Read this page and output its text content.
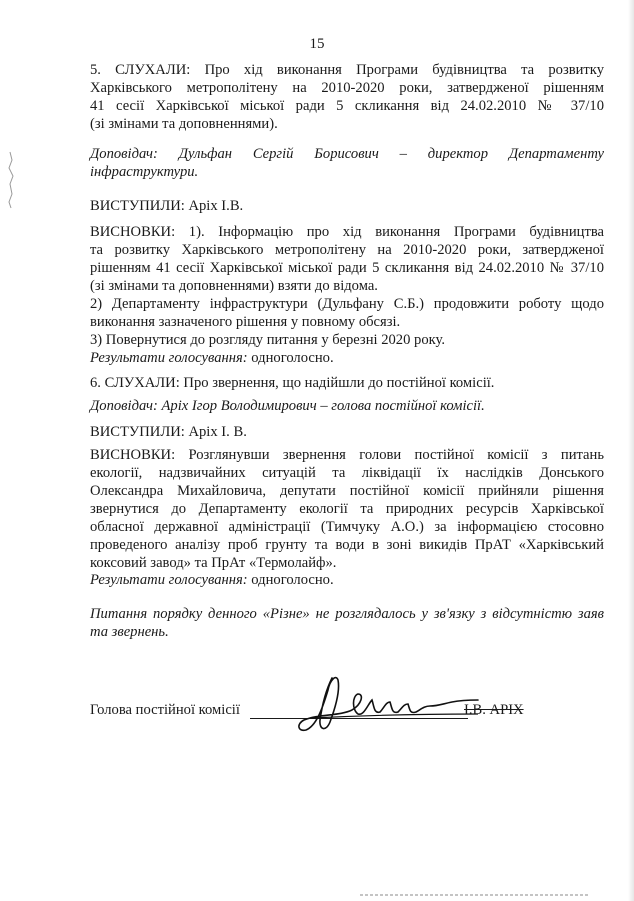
15
5. СЛУХАЛИ: Про хід виконання Програми будівництва та розвитку
Харківського метрополітену на 2010-2020 роки, затвердженої рішенням
41 сесії Харківської міської ради 5 скликання від 24.02.2010 № 37/10
(зі змінами та доповненнями).
Доповідач: Дульфан Сергій Борисович – директор Департаменту
інфраструктури.
ВИСТУПИЛИ: Аріх І.В.
ВИСНОВКИ: 1). Інформацію про хід виконання Програми будівництва
та розвитку Харківського метрополітену на 2010-2020 роки, затвердженої
рішенням 41 сесії Харківської міської ради 5 скликання від 24.02.2010 № 37/10
(зі змінами та доповненнями) взяти до відома.
2) Департаменту інфраструктури (Дульфану С.Б.) продовжити роботу щодо
виконання зазначеного рішення у повному обсязі.
3) Повернутися до розгляду питання у березні 2020 року.
Результати голосування: одноголосно.
6. СЛУХАЛИ: Про звернення, що надійшли до постійної комісії.
Доповідач: Аріх Ігор Володимирович – голова постійної комісії.
ВИСТУПИЛИ: Аріх І. В.
ВИСНОВКИ: Розглянувши звернення голови постійної комісії з питань
екології, надзвичайних ситуацій та ліквідації їх наслідків Донського
Олександра Михайловича, депутати постійної комісії прийняли рішення
звернутися до Департаменту екології та природних ресурсів Харківської
обласної державної адміністрації (Тимчуку А.О.) за інформацією стосовно
проведеного аналізу проб грунту та води в зоні викидів ПрАТ «Харківський
коксовий завод» та ПрАт «Термолайф».
Результати голосування: одноголосно.
Питання порядку денного «Різне» не розглядалось у зв'язку з відсутністю заяв
та звернень.
Голова постійної комісії	І.В. АРІХ
